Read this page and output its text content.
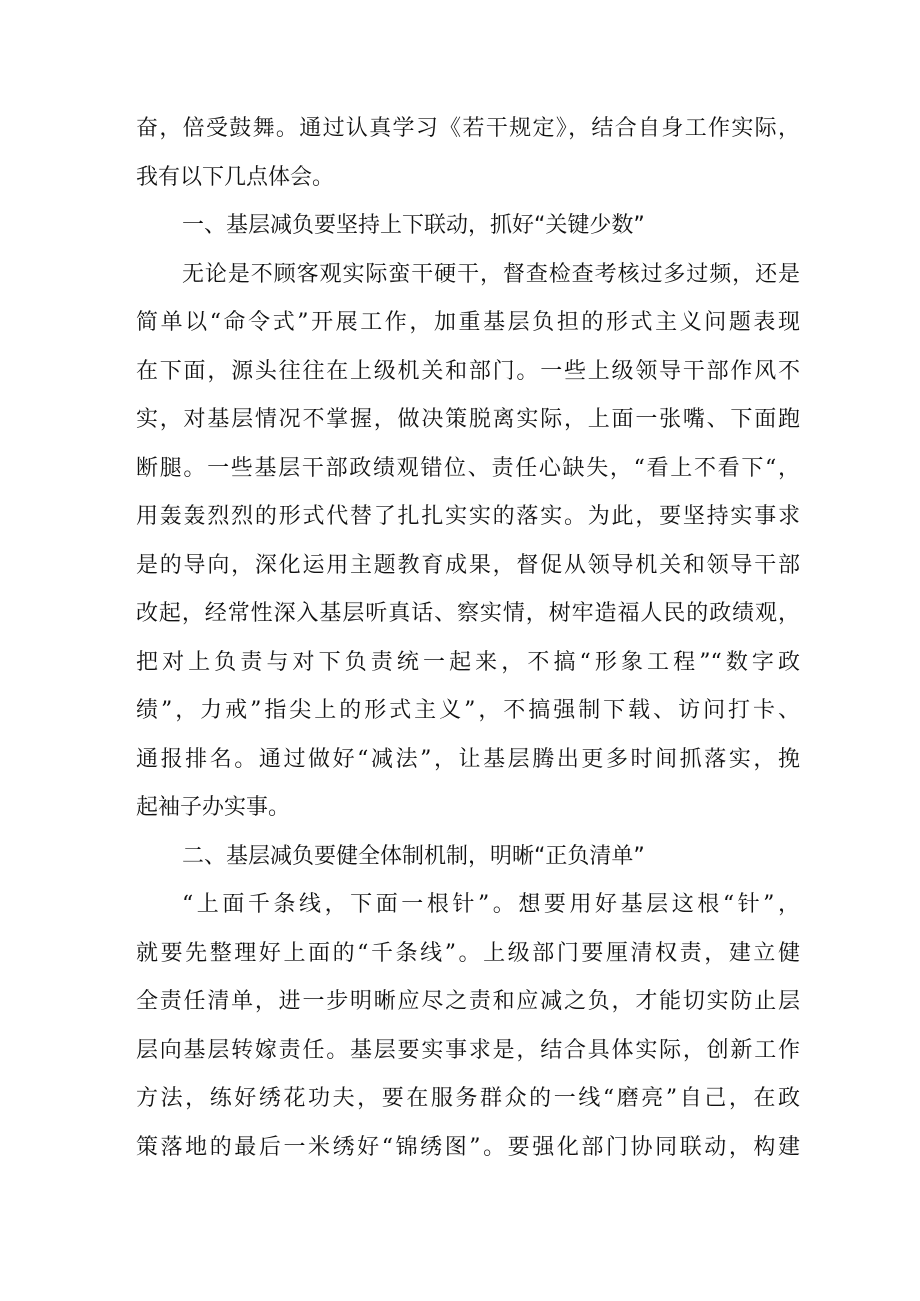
奋，倍受鼓舞。通过认真学习《若干规定》，结合自身工作实际，
我有以下几点体会。
一、基层减负要坚持上下联动，抓好“关键少数”
无论是不顾客观实际蛮干硬干，督查检查考核过多过频，还是
简单以“命令式”开展工作，加重基层负担的形式主义问题表现
在下面，源头往往在上级机关和部门。一些上级领导干部作风不
实，对基层情况不掌握，做决策脱离实际，上面一张嘴、下面跑
断腿。一些基层干部政绩观错位、责任心缺失，“看上不看下“，
用轰轰烈烈的形式代替了扎扎实实的落实。为此，要坚持实事求
是的导向，深化运用主题教育成果，督促从领导机关和领导干部
改起，经常性深入基层听真话、察实情，树牢造福人民的政绩观，
把对上负责与对下负责统一起来，不搞“形象工程”“数字政
绩”，力戒”指尖上的形式主义”，不搞强制下载、访问打卡、
通报排名。通过做好“减法”，让基层腾出更多时间抓落实，挽
起袖子办实事。
二、基层减负要健全体制机制，明晰“正负清单”
“上面千条线，下面一根针”。想要用好基层这根“针”，
就要先整理好上面的“千条线”。上级部门要厘清权责，建立健
全责任清单，进一步明晰应尽之责和应减之负，才能切实防止层
层向基层转嫁责任。基层要实事求是，结合具体实际，创新工作
方法，练好绣花功夫，要在服务群众的一线“磨亮”自己，在政
策落地的最后一米绣好“锦绣图”。要强化部门协同联动，构建
